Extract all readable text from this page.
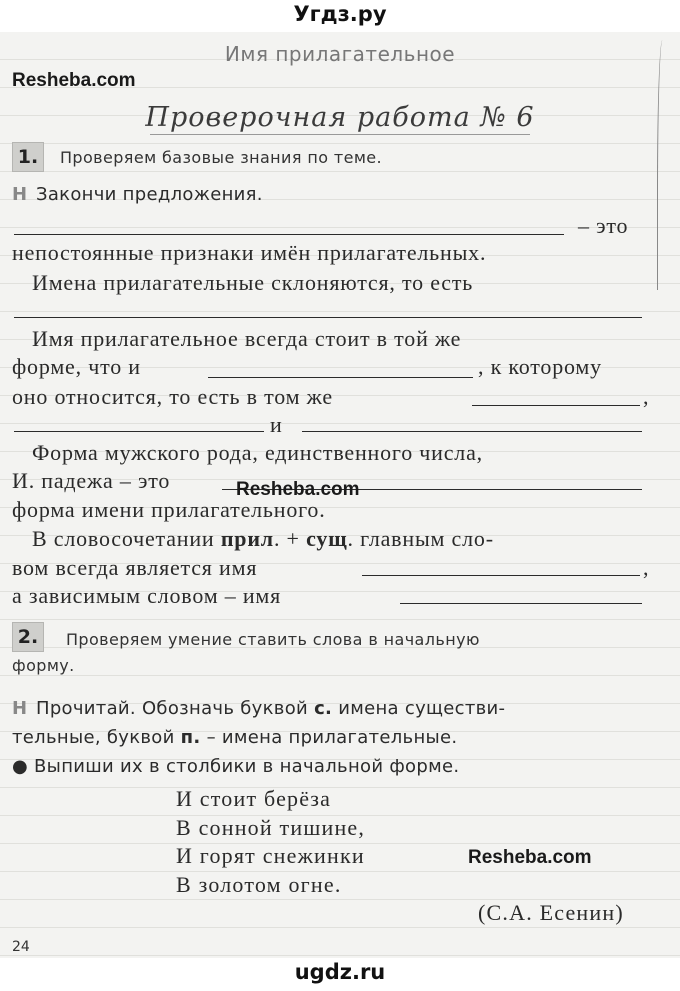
Угдз.ру
Имя прилагательное
Resheba.com
Проверочная работа № 6
1.	Проверяем базовые знания по теме.
Н Закончи предложения.
– это
непостоянные признаки имён прилагательных.
Имена прилагательные склоняются, то есть
Имя прилагательное всегда стоит в той же
форме, что и	, к которому
оно относится, то есть в том же	,
и
Форма мужского рода, единственного числа,
И. падежа – это	Resheba.com
форма имени прилагательного.
В словосочетании прил. + сущ. главным сло-
вом всегда является имя	,
а зависимым словом – имя
2.	Проверяем умение ставить слова в начальную
форму.
Н Прочитай. Обозначь буквой с. имена существи-
тельные, буквой п. – имена прилагательные.
● Выпиши их в столбики в начальной форме.
И стоит берёза
В сонной тишине,
И горят снежинки
В золотом огне.
Resheba.com
(С.А. Есенин)
24
ugdz.ru
